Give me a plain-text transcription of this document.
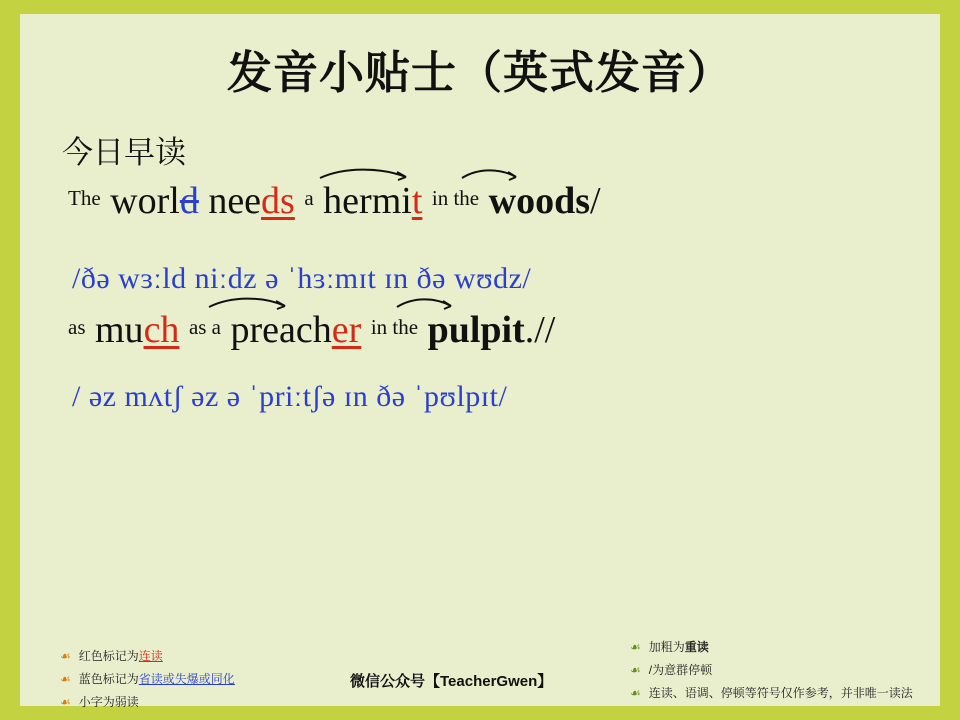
发音小贴士（英式发音）
今日早读
$^{The}$ world needs $^a$ hermit $^{in the}$ woods/
/ðə wɜːld niːdz ə ˈhɜːmɪt ɪn ðə wʊdz/
$^{as}$ much $^{as a}$ preacher $^{in the}$ pulpit.//
/ əz mʌtʃ əz ə ˈpriːtʃə ɪn ðə ˈpʊlpɪt/
☙ 红色标记为连读
☙ 蓝色标记为省读或失爆或同化
☙ 小字为弱读
☙ 加粗为重读
☙ /为意群停顿
☙ 连读、语调、停顿等符号仅作参考，并非唯一读法
微信公众号【TeacherGwen】
